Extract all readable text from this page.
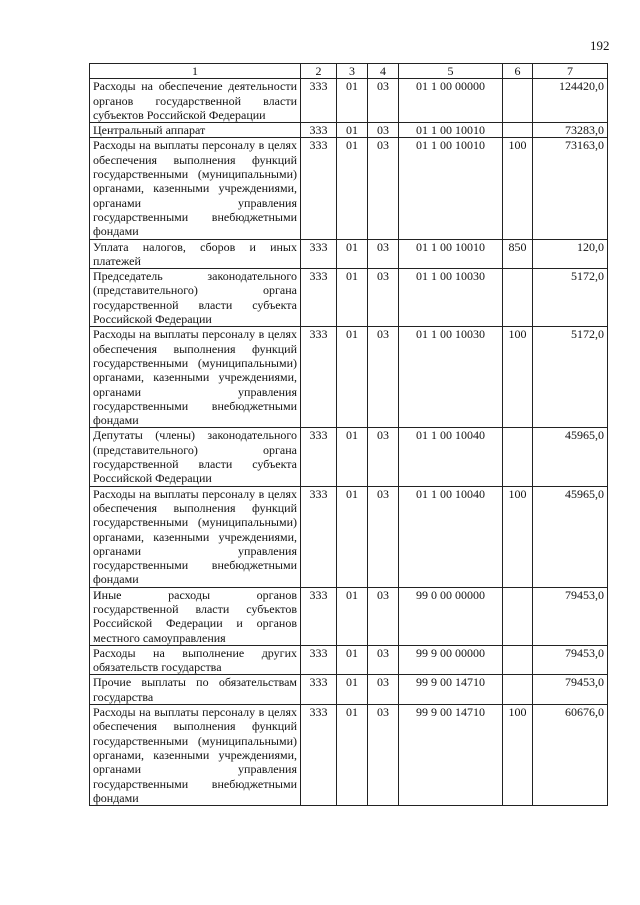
192
1	2	3	4	5	6	7
Расходы на обеспечение деятельности органов государственной власти субъектов Российской Федерации	333	01	03	01 1 00 00000		124420,0
Центральный аппарат	333	01	03	01 1 00 10010		73283,0
Расходы на выплаты персоналу в целях обеспечения выполнения функций государственными (муниципальными) органами, казенными учреждениями, органами управления государственными внебюджетными фондами	333	01	03	01 1 00 10010	100	73163,0
Уплата налогов, сборов и иных платежей	333	01	03	01 1 00 10010	850	120,0
Председатель законодательного (представительного) органа государственной власти субъекта Российской Федерации	333	01	03	01 1 00 10030		5172,0
Расходы на выплаты персоналу в целях обеспечения выполнения функций государственными (муниципальными) органами, казенными учреждениями, органами управления государственными внебюджетными фондами	333	01	03	01 1 00 10030	100	5172,0
Депутаты (члены) законодательного (представительного) органа государственной власти субъекта Российской Федерации	333	01	03	01 1 00 10040		45965,0
Расходы на выплаты персоналу в целях обеспечения выполнения функций государственными (муниципальными) органами, казенными учреждениями, органами управления государственными внебюджетными фондами	333	01	03	01 1 00 10040	100	45965,0
Иные расходы органов государственной власти субъектов Российской Федерации и органов местного самоуправления	333	01	03	99 0 00 00000		79453,0
Расходы на выполнение других обязательств государства	333	01	03	99 9 00 00000		79453,0
Прочие выплаты по обязательствам государства	333	01	03	99 9 00 14710		79453,0
Расходы на выплаты персоналу в целях обеспечения выполнения функций государственными (муниципальными) органами, казенными учреждениями, органами управления государственными внебюджетными фондами	333	01	03	99 9 00 14710	100	60676,0
